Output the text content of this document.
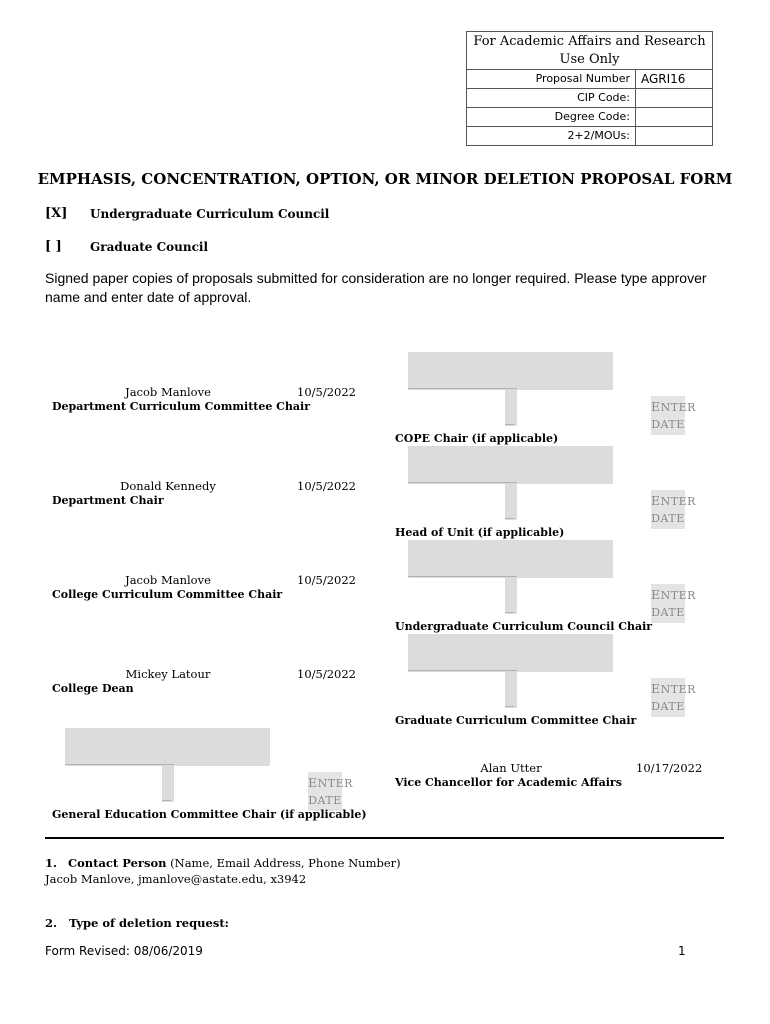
For Academic Affairs and Research Use Only
Proposal Number AGRI16
CIP Code:
Degree Code:
2+2/MOUs:
EMPHASIS, CONCENTRATION, OPTION, OR MINOR DELETION PROPOSAL FORM
[X] Undergraduate Curriculum Council
[ ] Graduate Council
Signed paper copies of proposals submitted for consideration are no longer required. Please type approver name and enter date of approval.
Jacob Manlove	10/5/2022
Department Curriculum Committee Chair
Donald Kennedy	10/5/2022
Department Chair
Jacob Manlove	10/5/2022
College Curriculum Committee Chair
Mickey Latour	10/5/2022
College Dean
___________________________
__
ENTER
DATE
COPE Chair (if applicable)
___________________________
__
ENTER
DATE
Head of Unit (if applicable)
___________________________
__
ENTER
DATE
Undergraduate Curriculum Council Chair
___________________________
__
ENTER
DATE
Graduate Curriculum Committee Chair
___________________________
__
ENTER
DATE
General Education Committee Chair (if applicable)
Alan Utter	10/17/2022
Vice Chancellor for Academic Affairs
1. Contact Person (Name, Email Address, Phone Number)
Jacob Manlove, jmanlove@astate.edu, x3942
2. Type of deletion request:
Form Revised: 08/06/2019	1
